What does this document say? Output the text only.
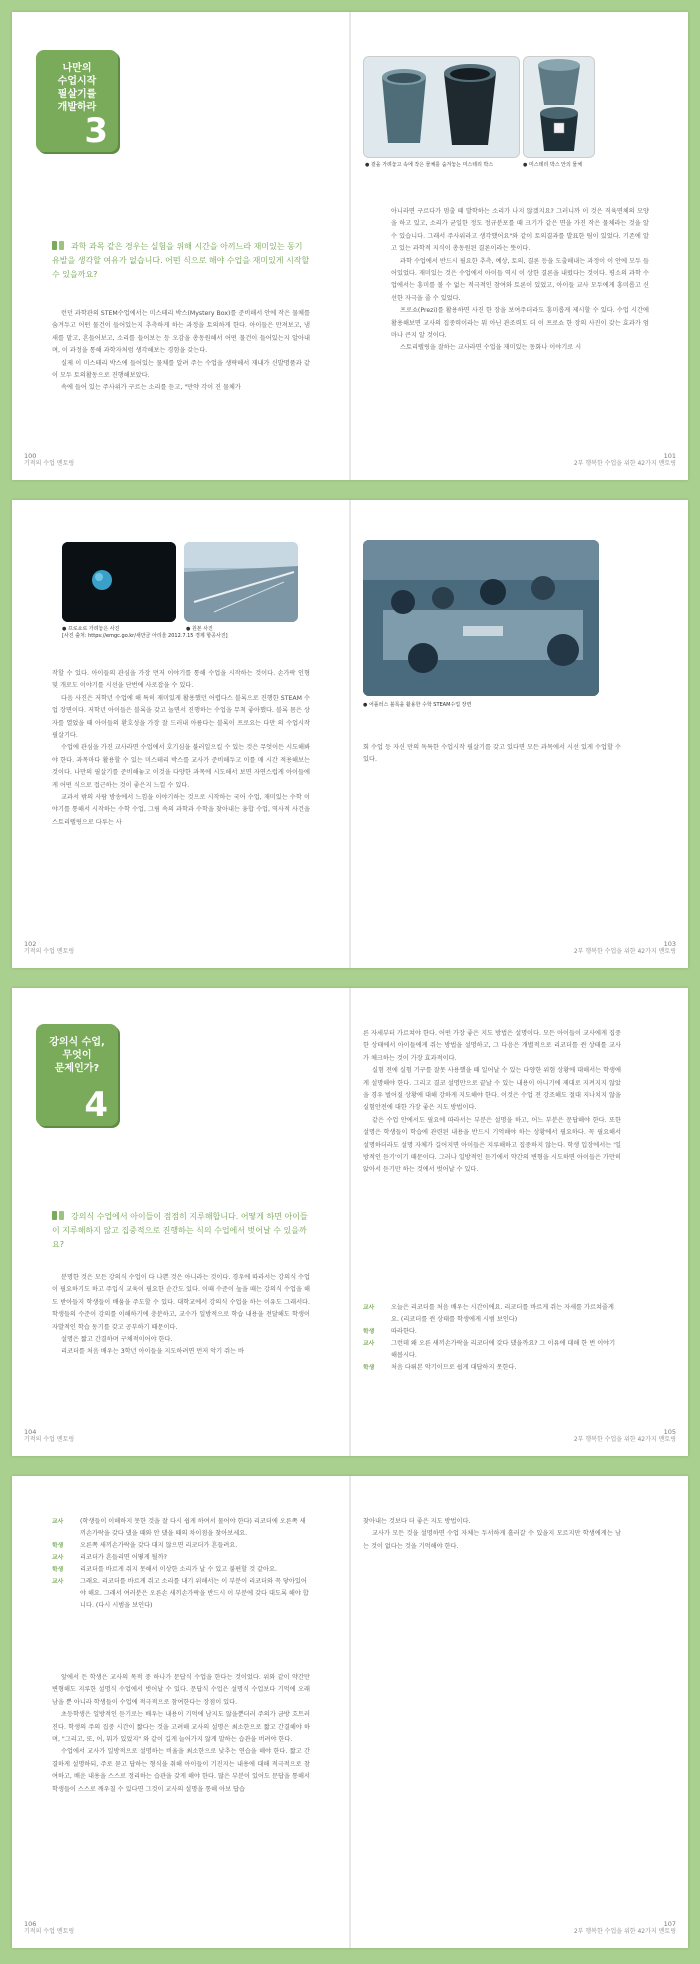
나만의
수업시작
필살기를
개발하라
3

과학 과목 같은 경우는 실험을 위해 시간을 아끼느라 재미있는 동기 유발을 생각할 여유가 없습니다. 어떤 식으로 해야 수업을 재미있게 시작할 수 있을까요?

런던 과학관의 STEM수업에서는 미스테리 박스(Mystery Box)를 준비해서 안에 작은 물체를 숨겨두고 어떤 물건이 들어있는지 추측하게 하는 과정을 토의하게 한다. 아이들은 만져보고, 냄새를 맡고, 흔들어보고, 소리를 들어보는 등 오감을 총동원해서 어떤 물건이 들어있는지 알아내며, 이 과정을 통해 과학자처럼 생각해보는 경험을 갖는다.

실제 이 미스테리 박스에 들어있는 물체를 알려 주는 수업을 생략해서 재내가 신발명품과 같이 모두 토의활동으로 진행해보았다.

속에 들어 있는 주사위가 구르는 소리를 듣고, "만약 각이 진 물체가

100
기적의 수업 멘토링

● 겉을 가려놓고 속에 작은 물체를 숨겨놓는 미스테리 박스	● 미스테리 박스 안의 물체

아니라면 구르다가 멈출 때 발학하는 소리가 나지 않겠지요? 그러니까 이 것은 직육면체의 모양을 하고 있고, 소리가 균일한 정도 정규분포를 때 크기가 같은 면을 가진 작은 물체라는 것을 알 수 있습니다. 그래서 주사위라고 생각했어요"와 같이 토의결과를 발표한 팀이 있었다. 기존에 알고 있는 과학적 지식이 총동원된 결론이라는 뜻이다.

과학 수업에서 반드시 필요한 추측, 예상, 토의, 결론 등을 도출해내는 과정이 이 안에 모두 들어있었다. 재미있는 것은 수업에서 아이들 역시 이 상한 결론을 내렸다는 것이다. 평소의 과학 수업에서는 흥미를 볼 수 없는 적극적인 참여와 토론이 있었고, 아이들 교사 모두에게 흥미롭고 신선한 자극을 줄 수 있었다.

프로쇼(Prezi)를 활용하면 사진 한 장을 보여주더라도 흥미롭게 제시할 수 있다. 수업 시간에 활용해보면 교사의 집중력이라는 뭐 아닌 관조력도 더 이 프로쇼 한 장의 사진이 갖는 효과가 엄마나 큰지 알 것이다.

스토리텔링을 잘하는 교사라면 수업을 재미있는 동화나 이야기로 시

101
2부 행복한 수업을 위한 42가지 멘토링

● 프로쇼로 가려놓은 사진
[사진 출처: https://emgc.go.kr/새만금 아리울 2012.7.15 경제 항공사진]

● 원본 사진

작할 수 있다. 아이들의 관심을 가장 먼저 이야기를 통해 수업을 시작하는 것이다. 손가락 인형 및 개로도 이야기를 시선을 단번에 사로잡을 수 있다.

다음 사진은 저학년 수업에 해 특히 재미있게 활용했던 어렵다스 블록으로 진행한 STEAM 수업 장면이다. 저학년 아이들은 블록을 갖고 놀면서 진행하는 수업을 무척 좋아했다. 블록 몸은 상자를 열었을 때 아이들의 환호성을 가장 잘 드러내 아름다는 블록이 프로요는 다만 의 수업시작 필살기다.

수업에 관심을 가진 교사라면 수업에서 호기심을 불러일으킬 수 있는 것은 무엇이든 시도해봐야 한다. 과목마다 활용할 수 있는 미스테리 박스를 교사가 준비해두고 이를 매 시간 적용해보는 것이다. 나만의 필살기를 준비해놓고 이것을 다양한 과목에 시도해서 보면 자연스럽게 아이들에게 어떤 식으로 접근하는 것이 좋은지 느낄 수 있다.

교과서 밖의 사람 방송에서 느낌을 이야기하는 것으로 시작하는 국어 수업, 재미있는 수학 이야기를 통해서 시작하는 수학 수업, 그림 속의 과학과 수학을 찾아내는 융합 수업, 역사적 사건을 스토리텔링으로 다루는 사

102
기적의 수업 멘토링

● 어플러스 블록을 활용한 수학 STEAM수업 장면

회 수업 등 자신 만의 독특한 수업시작 필살기를 갖고 있다면 모든 과목에서 시선 있게 수업할 수 있다.

103
2부 행복한 수업을 위한 42가지 멘토링
강의식 수업,
무엇이
문제인가?
4

강의식 수업에서 아이들이 점점히 지루해합니다. 어떻게 하면 아이들이 지루해하지 않고 집중적으로 진행하는 식의 수업에서 벗어날 수 있을까요?

분명한 것은 모든 강의식 수업이 다 나쁜 것은 아니라는 것이다. 경우에 따라서는 강의식 수업이 필요하기도 하고 주입식 교육이 필요한 순간도 있다. 이때 수준이 높을 때는 강의식 수업을 해도 받아들지 학생들이 배움을 주도할 수 있다. 대학교에서 강의식 수업을 하는 이유도 그래서다. 학생들의 수준이 강의를 이해하기에 충분하고, 교수가 일방적으로 학습 내용을 전달해도 학생이 자발적인 학습 동기를 갖고 공부하기 때문이다.

설명은 짧고 간결하며 구체적이어야 한다.

리코더를 처음 배우는 3학년 아이들을 지도하려면 먼저 악기 쥐는 바

104
기적의 수업 멘토링

른 자세부터 가르쳐야 한다. 어떤 가장 좋은 지도 방법은 설명이다. 모든 아이들이 교사에게 집중한 상태에서 아이들에게 쥐는 방법을 설명하고, 그 다음은 개별적으로 리코더를 쥔 상태를 교사가 체크하는 것이 가장 효과적이다.

실험 전에 실험 기구를 잘못 사용했을 때 일어날 수 있는 다양한 위험 상황에 대해서는 학생에게 설명해야 한다. 그리고 결코 설명만으로 끝날 수 있는 내용이 아니기에 제대로 지켜지지 않았을 경우 벌어질 상황에 대해 강하게 지도해야 한다. 이것은 수업 전 강조해도 절대 지나치지 않을 실험안전에 대한 가장 좋은 지도 방법이다.

같은 수업 안에서도 필요에 따라서는 부분은 설명을 하고, 어느 부분은 문답해야 한다. 또한 설명은 학생들이 학습에 관련된 내용을 반드시 기억해야 하는 상황에서 필요하다. 꼭 필요해서 설명하더라도 설명 자체가 길어지면 아이들은 지루해하고 집중하지 않는다. 학생 입장에서는 '일방적인 듣기'이기 때문이다. 그러나 일방적인 듣기에서 약간의 변형을 시도하면 아이들은 가만히 앉아서 듣기만 하는 것에서 벗어날 수 있다.

교사	오늘은 리코더를 처음 배우는 시간이에요. 리코더를 바르게 쥐는 자세를 가르쳐줄게요. (리코더를 쥔 상태를 학생에게 시범 보인다)
학생	따라한다.
교사	그런데 왜 오른 새끼손가락을 리코더에 갖다 댔을까요? 그 이유에 대해 한 번 이야기해봅시다.
학생	처음 다뤄본 악기이므로 쉽게 대답하지 못한다.
105
2부 행복한 수업을 위한 42가지 멘토링
교사	(학생들이 이해하지 못한 것을 잘 다시 쉽게 하여서 물어야 한다) 리코더에 오른쪽 새끼손가락을 갖다 댔을 때와 안 댔을 때의 차이점을 찾아보세요.
학생	오른쪽 새끼손가락을 갖다 대지 않으면 리코더가 흔들려요.
교사	리코더가 흔들리면 어떻게 될까?
학생	리코더를 바르게 쥐지 못해서 이상한 소리가 날 수 있고 불편할 것 같아요.
교사	그래요. 리코더를 바르게 쥐고 소리를 내기 위해서는 이 부분이 리코더와 꼭 닿아있어야 해요. 그래서 여러분은 오른손 새끼손가락을 반드시 이 부분에 갖다 대도록 해야 합니다. (다시 시범을 보인다)

앞에서 든 학생은 교사의 목적 중 하나가 문답식 수업을 한다는 것이었다. 위와 같이 약간만 변형해도 지루한 설명식 수업에서 벗어날 수 있다. 문답식 수업은 설명식 수업보다 기억에 오래 남을 뿐 아니라 학생들이 수업에 적극적으로 참여한다는 장점이 있다.

초등학생은 일방적인 듣기로는 배우는 내용이 기억에 남지도 않을뿐더러 주의가 금방 흐트러진다. 학생의 주의 집중 시간이 짧다는 것을 고려해 교사의 설명은 최소한으로 짧고 간결해야 하며, "그리고, 또, 어, 뭐가 있었지" 와 같이 길게 늘어가지 않게 말하는 습관을 버려야 한다.

수업에서 교사가 일방적으로 설명하는 비율을 최소한으로 낮추는 연습을 해야 한다. 짧고 간결하게 설명하되, 주로 묻고 답하는 형식을 취해 아이들이 기진지는 내용에 대해 적극적으로 참여하고, 배운 내용을 스스로 정리하는 습관을 갖게 해야 한다. 많은 부분이 있어도 문답을 통해서 학생들이 스스로 깨우칠 수 있다면 그것이 교사의 설명을 통해 아보 답습

106
기적의 수업 멘토링

찾아내는 것보다 더 좋은 지도 방법이다.

교사가 모든 것을 설명하면 수업 자체는 두서하게 흘러갈 수 있을지 모르지만 학생에게는 남는 것이 없다는 것을 기억해야 한다.

107
2부 행복한 수업을 위한 42가지 멘토링
